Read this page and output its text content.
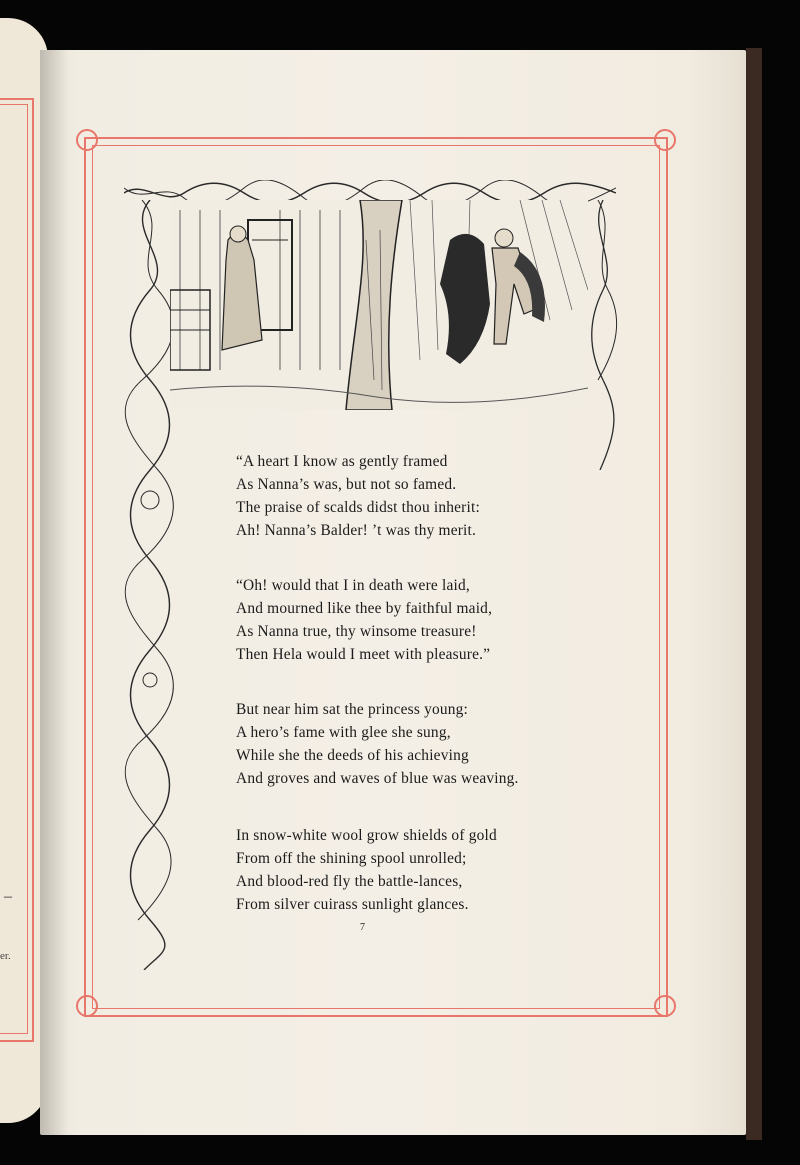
–
er.
“A heart I know as gently framed
As Nanna’s was, but not so famed.
The praise of scalds didst thou inherit:
Ah! Nanna’s Balder! ’t was thy merit.
“Oh! would that I in death were laid,
And mourned like thee by faithful maid,
As Nanna true, thy winsome treasure!
Then Hela would I meet with pleasure.”
But near him sat the princess young:
A hero’s fame with glee she sung,
While she the deeds of his achieving
And groves and waves of blue was weaving.
In snow-white wool grow shields of gold
From off the shining spool unrolled;
And blood-red fly the battle-lances,
From silver cuirass sunlight glances.
7
